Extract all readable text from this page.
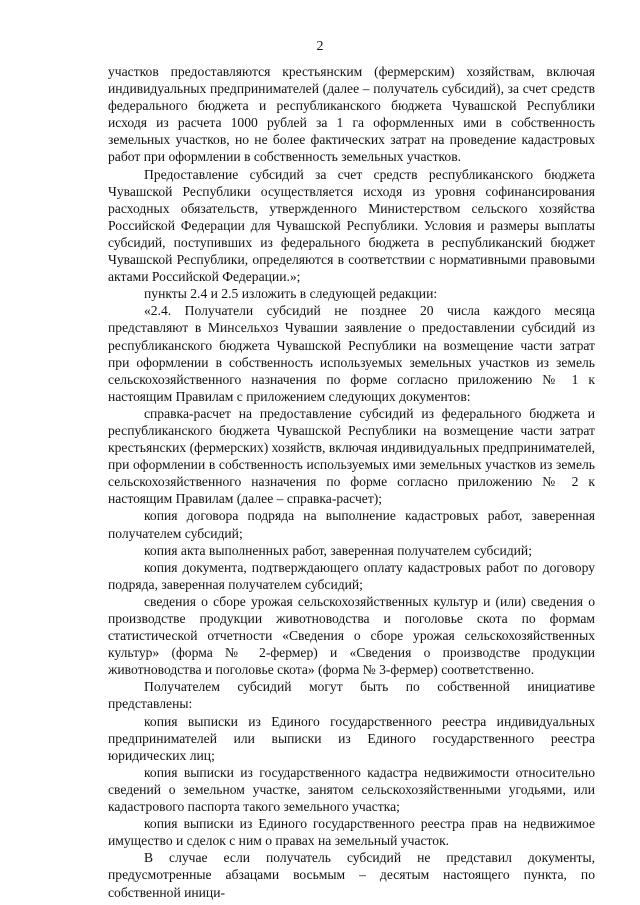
2

участков предоставляются крестьянским (фермерским) хозяйствам, включая индивидуальных предпринимателей (далее – получатель субсидий), за счет средств федерального бюджета и республиканского бюджета Чувашской Республики исходя из расчета 1000 рублей за 1 га оформленных ими в собственность земельных участков, но не более фактических затрат на проведение кадастровых работ при оформлении в собственность земельных участков.

Предоставление субсидий за счет средств республиканского бюджета Чувашской Республики осуществляется исходя из уровня софинансирования расходных обязательств, утвержденного Министерством сельского хозяйства Российской Федерации для Чувашской Республики. Условия и размеры выплаты субсидий, поступивших из федерального бюджета в республиканский бюджет Чувашской Республики, определяются в соответствии с нормативными правовыми актами Российской Федерации.»;

пункты 2.4 и 2.5 изложить в следующей редакции:

«2.4. Получатели субсидий не позднее 20 числа каждого месяца представляют в Минсельхоз Чувашии заявление о предоставлении субсидий из республиканского бюджета Чувашской Республики на возмещение части затрат при оформлении в собственность используемых земельных участков из земель сельскохозяйственного назначения по форме согласно приложению № 1 к настоящим Правилам с приложением следующих документов:

справка-расчет на предоставление субсидий из федерального бюджета и республиканского бюджета Чувашской Республики на возмещение части затрат крестьянских (фермерских) хозяйств, включая индивидуальных предпринимателей, при оформлении в собственность используемых ими земельных участков из земель сельскохозяйственного назначения по форме согласно приложению № 2 к настоящим Правилам (далее – справка-расчет);

копия договора подряда на выполнение кадастровых работ, заверенная получателем субсидий;

копия акта выполненных работ, заверенная получателем субсидий;

копия документа, подтверждающего оплату кадастровых работ по договору подряда, заверенная получателем субсидий;

сведения о сборе урожая сельскохозяйственных культур и (или) сведения о производстве продукции животноводства и поголовье скота по формам статистической отчетности «Сведения о сборе урожая сельскохозяйственных культур» (форма № 2-фермер) и «Сведения о производстве продукции животноводства и поголовье скота» (форма № 3-фермер) соответственно.

Получателем субсидий могут быть по собственной инициативе представлены:

копия выписки из Единого государственного реестра индивидуальных предпринимателей или выписки из Единого государственного реестра юридических лиц;

копия выписки из государственного кадастра недвижимости относительно сведений о земельном участке, занятом сельскохозяйственными угодьями, или кадастрового паспорта такого земельного участка;

копия выписки из Единого государственного реестра прав на недвижимое имущество и сделок с ним о правах на земельный участок.

В случае если получатель субсидий не представил документы, предусмотренные абзацами восьмым – десятым настоящего пункта, по собственной иници-
